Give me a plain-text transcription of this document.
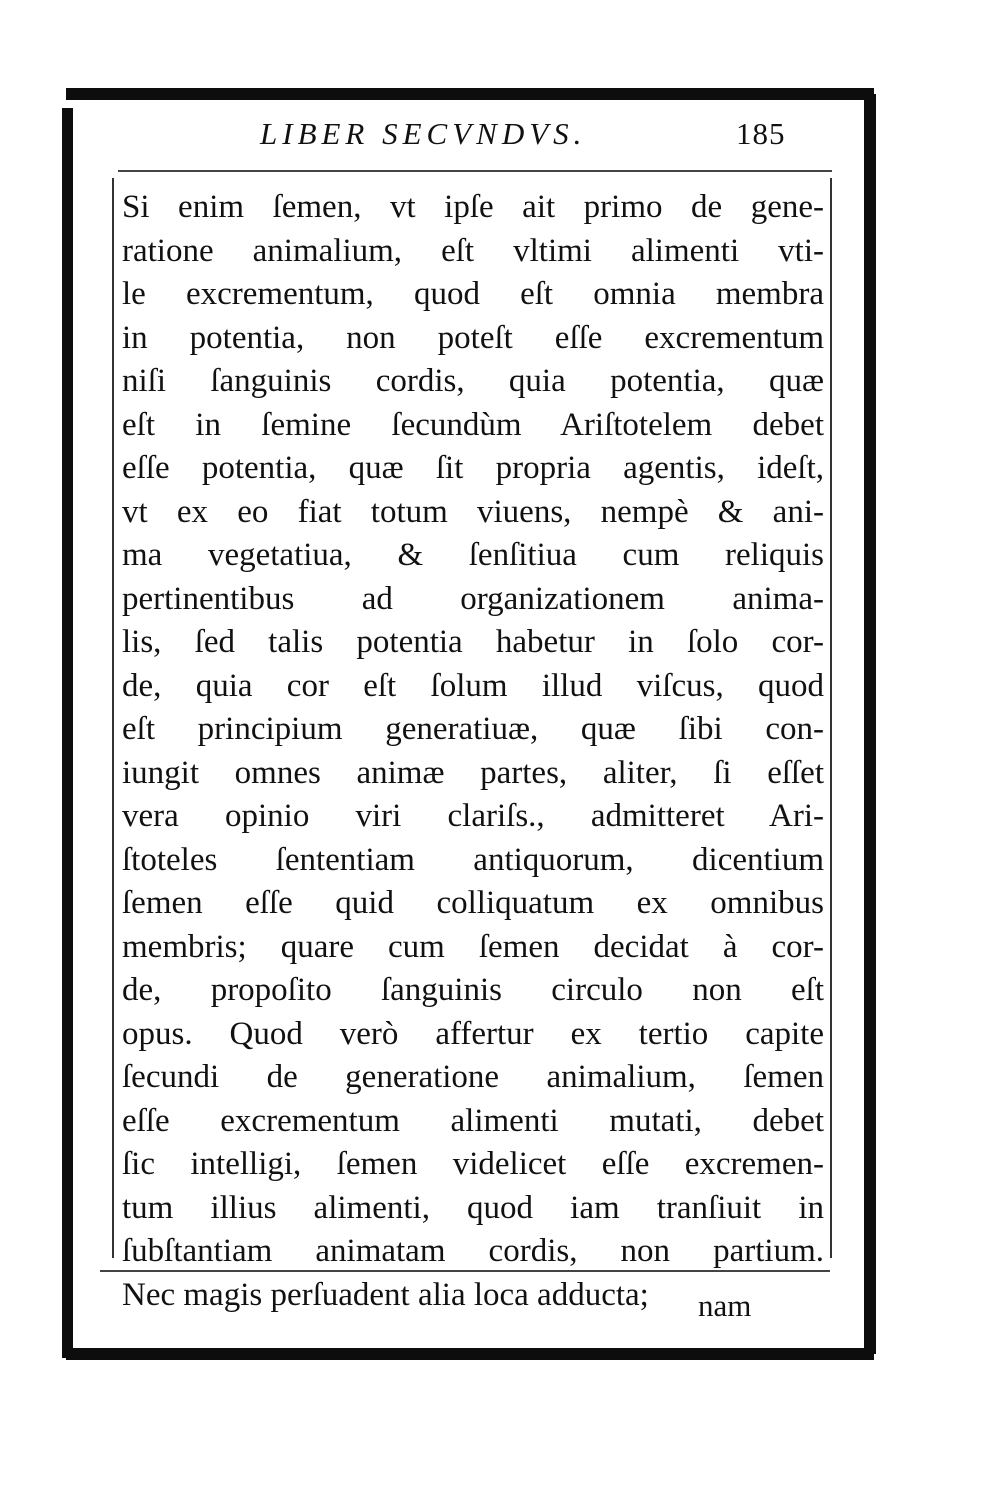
LIBER SECVNDVS.	185
Si enim ſemen, vt ipſe ait primo de gene-
ratione animalium, eſt vltimi alimenti vti-
le excrementum, quod eſt omnia membra
in potentia, non poteſt eſſe excrementum
niſi ſanguinis cordis, quia potentia, quæ
eſt in ſemine ſecundùm Ariſtotelem debet
eſſe potentia, quæ ſit propria agentis, ideſt,
vt ex eo fiat totum viuens, nempè & ani-
ma vegetatiua, & ſenſitiua cum reliquis
pertinentibus ad organizationem anima-
lis, ſed talis potentia habetur in ſolo cor-
de, quia cor eſt ſolum illud viſcus, quod
eſt principium generatiuæ, quæ ſibi con-
iungit omnes animæ partes, aliter, ſi eſſet
vera opinio viri clariſs., admitteret Ari-
ſtoteles ſententiam antiquorum, dicentium
ſemen eſſe quid colliquatum ex omnibus
membris; quare cum ſemen decidat à cor-
de, propoſito ſanguinis circulo non eſt
opus. Quod verò affertur ex tertio capite
ſecundi de generatione animalium, ſemen
eſſe excrementum alimenti mutati, debet
ſic intelligi, ſemen videlicet eſſe excremen-
tum illius alimenti, quod iam tranſiuit in
ſubſtantiam animatam cordis, non partium.
Nec magis perſuadent alia loca adducta;	nam
